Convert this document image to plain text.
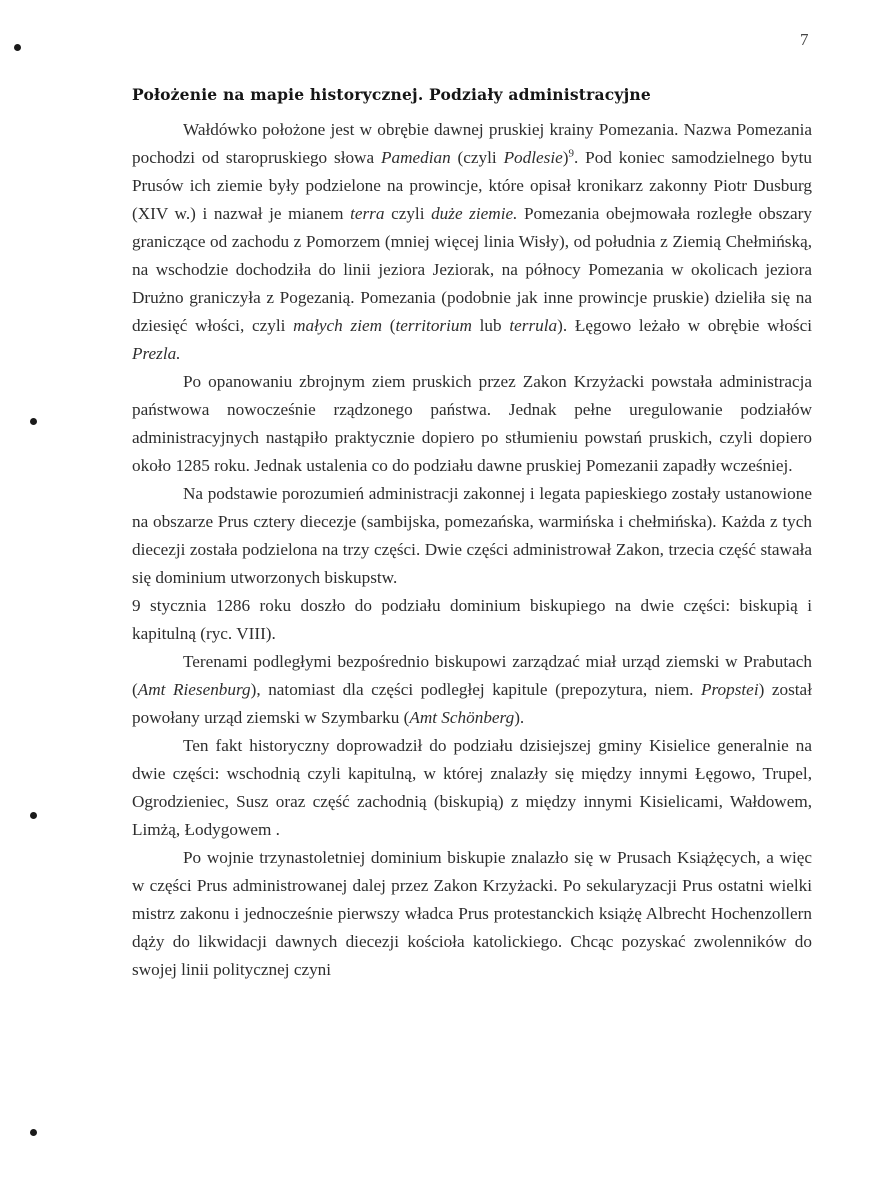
7
Położenie na mapie historycznej. Podziały administracyjne

Wałdówko położone jest w obrębie dawnej pruskiej krainy Pomezania. Nazwa Pomezania pochodzi od staropruskiego słowa Pamedian (czyli Podlesie)$^9$. Pod koniec samodzielnego bytu Prusów ich ziemie były podzielone na prowincje, które opisał kronikarz zakonny Piotr Dusburg (XIV w.) i nazwał je mianem terra czyli duże ziemie. Pomezania obejmowała rozległe obszary graniczące od zachodu z Pomorzem (mniej więcej linia Wisły), od południa z Ziemią Chełmińską, na wschodzie dochodziła do linii jeziora Jeziorak, na północy Pomezania w okolicach jeziora Drużno graniczyła z Pogezanią. Pomezania (podobnie jak inne prowincje pruskie) dzieliła się na dziesięć włości, czyli małych ziem (territorium lub terrula). Łęgowo leżało w obrębie włości Prezla.

Po opanowaniu zbrojnym ziem pruskich przez Zakon Krzyżacki powstała administracja państwowa nowocześnie rządzonego państwa. Jednak pełne uregulowanie podziałów administracyjnych nastąpiło praktycznie dopiero po stłumieniu powstań pruskich, czyli dopiero około 1285 roku. Jednak ustalenia co do podziału dawne pruskiej Pomezanii zapadły wcześniej.

Na podstawie porozumień administracji zakonnej i legata papieskiego zostały ustanowione na obszarze Prus cztery diecezje (sambijska, pomezańska, warmińska i chełmińska). Każda z tych diecezji została podzielona na trzy części. Dwie części administrował Zakon, trzecia część stawała się dominium utworzonych biskupstw.

9 stycznia 1286 roku doszło do podziału dominium biskupiego na dwie części: biskupią i kapitulną (ryc. VIII).

Terenami podległymi bezpośrednio biskupowi zarządzać miał urząd ziemski w Prabutach (Amt Riesenburg), natomiast dla części podległej kapitule (prepozytura, niem. Propstei) został powołany urząd ziemski w Szymbarku (Amt Schönberg).

Ten fakt historyczny doprowadził do podziału dzisiejszej gminy Kisielice generalnie na dwie części: wschodnią czyli kapitulną, w której znalazły się między innymi Łęgowo, Trupel, Ogrodzieniec, Susz oraz część zachodnią (biskupią) z między innymi Kisielicami, Wałdowem, Limżą, Łodygowem .

Po wojnie trzynastoletniej dominium biskupie znalazło się w Prusach Książęcych, a więc w części Prus administrowanej dalej przez Zakon Krzyżacki. Po sekularyzacji Prus ostatni wielki mistrz zakonu i jednocześnie pierwszy władca Prus protestanckich książę Albrecht Hochenzollern dąży do likwidacji dawnych diecezji kościoła katolickiego. Chcąc pozyskać zwolenników do swojej linii politycznej czyni
